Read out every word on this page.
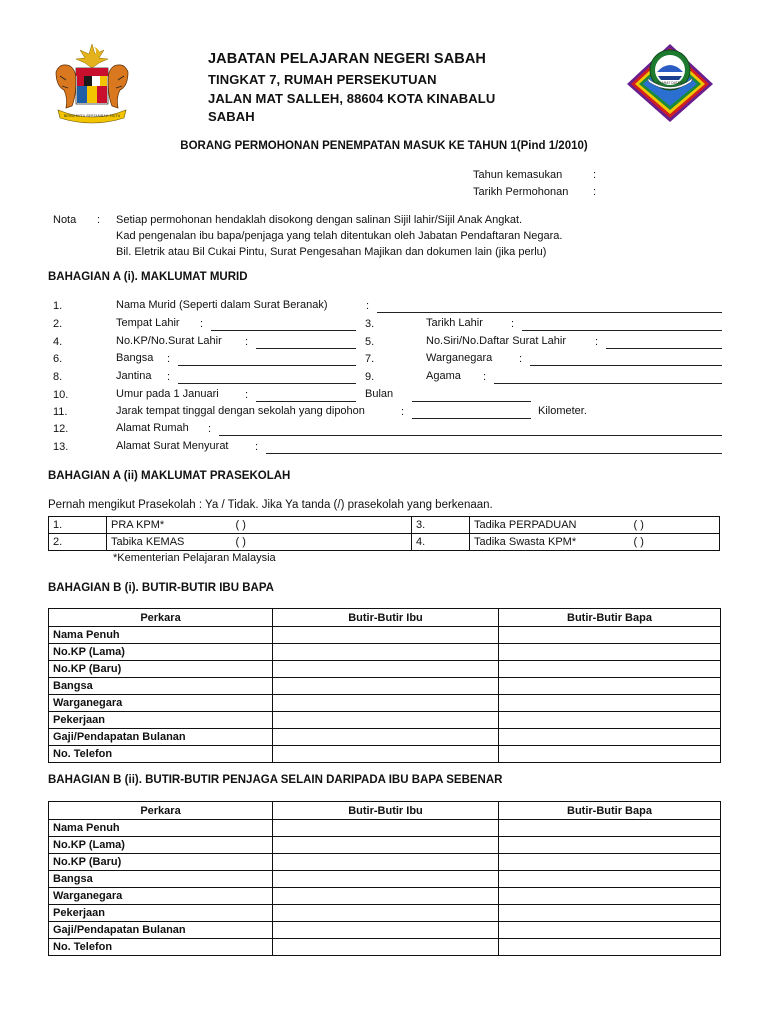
BERSEKUTU BERTAMBAH MUTU
JABATAN PELAJARAN NEGERI SABAH
TINGKAT 7, RUMAH PERSEKUTUAN
JALAN MAT SALLEH, 88604 KOTA KINABALU
SABAH
SELAMAT DATANG
BORANG PERMOHONAN PENEMPATAN MASUK KE TAHUN 1(Pind 1/2010)
Tahun kemasukan	:
Tarikh Permohonan :
Nota : Setiap permohonan hendaklah disokong dengan salinan Sijil lahir/Sijil Anak Angkat.
Kad pengenalan ibu bapa/penjaga yang telah ditentukan oleh Jabatan Pendaftaran Negara.
Bil. Eletrik atau Bil Cukai Pintu, Surat Pengesahan Majikan dan dokumen lain (jika perlu)
BAHAGIAN A (i). MAKLUMAT MURID
1.	Nama Murid (Seperti dalam Surat Beranak)	:
2.	Tempat Lahir :	3.	Tarikh Lahir	:
4.	No.KP/No.Surat Lahir :	5.	No.Siri/No.Daftar Surat Lahir	:
6.	Bangsa :	7.	Warganegara :
8.	Jantina :	9.	Agama :
10.	Umur pada 1 Januari :	Bulan
11.	Jarak tempat tinggal dengan sekolah yang dipohon	:	Kilometer.
12.	Alamat Rumah :
13.	Alamat Surat Menyurat :
BAHAGIAN A (ii) MAKLUMAT PRASEKOLAH
Pernah mengikut Prasekolah : Ya / Tidak. Jika Ya tanda (/) prasekolah yang berkenaan.
1.	PRA KPM*	( )	3.	Tadika PERPADUAN	( )
2.	Tabika KEMAS	( )	4.	Tadika Swasta KPM*	( )
*Kementerian Pelajaran Malaysia
BAHAGIAN B (i). BUTIR-BUTIR IBU BAPA
Perkara	Butir-Butir Ibu	Butir-Butir Bapa
Nama Penuh		
No.KP (Lama)		
No.KP (Baru)		
Bangsa		
Warganegara		
Pekerjaan		
Gaji/Pendapatan Bulanan		
No. Telefon		
BAHAGIAN B (ii). BUTIR-BUTIR PENJAGA SELAIN DARIPADA IBU BAPA SEBENAR
Perkara	Butir-Butir Ibu	Butir-Butir Bapa
Nama Penuh		
No.KP (Lama)		
No.KP (Baru)		
Bangsa		
Warganegara		
Pekerjaan		
Gaji/Pendapatan Bulanan		
No. Telefon		
